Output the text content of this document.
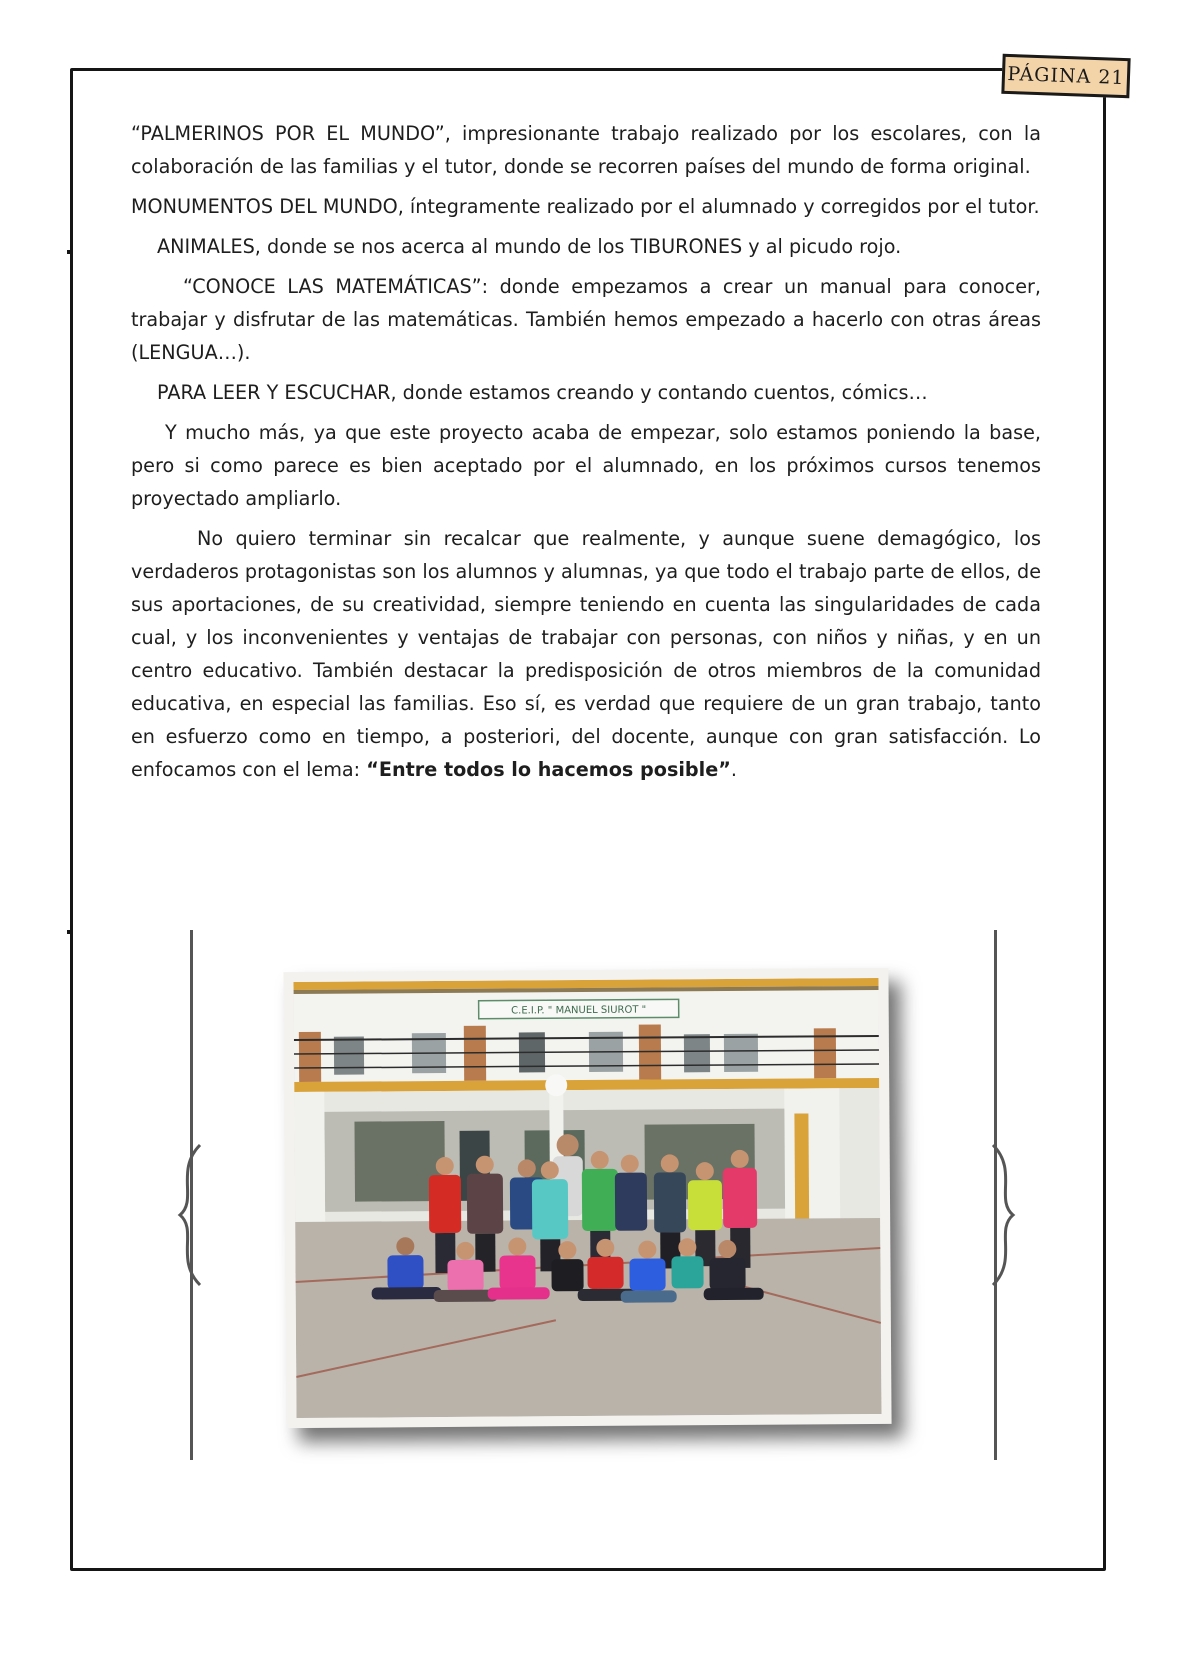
PÁGINA 21

“PALMERINOS POR EL MUNDO”, impresionante trabajo realizado por los escolares, con la colaboración de las familias y el tutor, donde se recorren países del mundo de forma original.

MONUMENTOS DEL MUNDO, íntegramente realizado por el alumnado y corregidos por el tutor.

ANIMALES, donde se nos acerca al mundo de los TIBURONES y al picudo rojo.

“CONOCE LAS MATEMÁTICAS”: donde empezamos a crear un manual para conocer, trabajar y disfrutar de las matemáticas. También hemos empezado a hacerlo con otras áreas (LENGUA…).

PARA LEER Y ESCUCHAR, donde estamos creando y contando cuentos, cómics…

Y mucho más, ya que este proyecto acaba de empezar, solo estamos poniendo la base, pero si como parece es bien aceptado por el alumnado, en los próximos cursos tenemos proyectado ampliarlo.

No quiero terminar sin recalcar que realmente, y aunque suene demagógico, los verdaderos protagonistas son los alumnos y alumnas, ya que todo el trabajo parte de ellos, de sus aportaciones, de su creatividad, siempre teniendo en cuenta las singularidades de cada cual, y los inconvenientes y ventajas de trabajar con personas, con niños y niñas, y en un centro educativo. También destacar la predisposición de otros miembros de la comunidad educativa, en especial las familias. Eso sí, es verdad que requiere de un gran trabajo, tanto en esfuerzo como en tiempo, a posteriori, del docente, aunque con gran satisfacción. Lo enfocamos con el lema: “Entre todos lo hacemos posible”.

C.E.I.P. " MANUEL SIUROT "
